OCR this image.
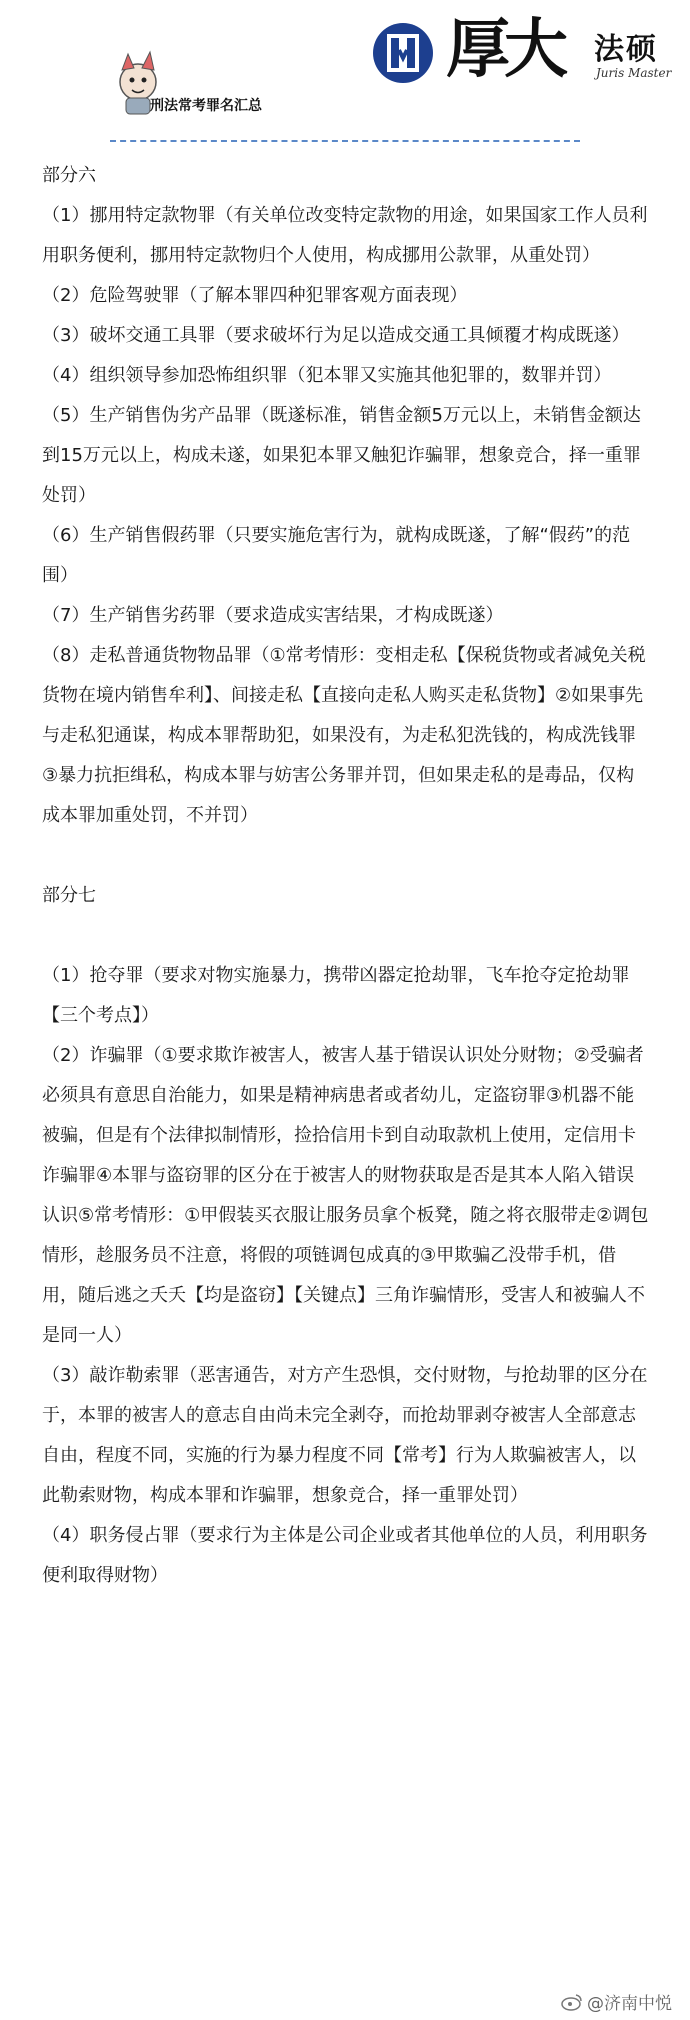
刑法常考罪名汇总
厚大 法硕
Juris Master
部分六

（1）挪用特定款物罪（有关单位改变特定款物的用途，如果国家工作人员利用职务便利，挪用特定款物归个人使用，构成挪用公款罪，从重处罚）

（2）危险驾驶罪（了解本罪四种犯罪客观方面表现）

（3）破坏交通工具罪（要求破坏行为足以造成交通工具倾覆才构成既遂）

（4）组织领导参加恐怖组织罪（犯本罪又实施其他犯罪的，数罪并罚）

（5）生产销售伪劣产品罪（既遂标准，销售金额5万元以上，未销售金额达到15万元以上，构成未遂，如果犯本罪又触犯诈骗罪，想象竞合，择一重罪处罚）

（6）生产销售假药罪（只要实施危害行为，就构成既遂，了解“假药”的范围）

（7）生产销售劣药罪（要求造成实害结果，才构成既遂）

（8）走私普通货物物品罪（①常考情形：变相走私【保税货物或者减免关税货物在境内销售牟利】、间接走私【直接向走私人购买走私货物】②如果事先与走私犯通谋，构成本罪帮助犯，如果没有，为走私犯洗钱的，构成洗钱罪③暴力抗拒缉私，构成本罪与妨害公务罪并罚，但如果走私的是毒品，仅构成本罪加重处罚，不并罚）

部分七

（1）抢夺罪（要求对物实施暴力，携带凶器定抢劫罪，飞车抢夺定抢劫罪【三个考点】）

（2）诈骗罪（①要求欺诈被害人，被害人基于错误认识处分财物；②受骗者必须具有意思自治能力，如果是精神病患者或者幼儿，定盗窃罪③机器不能被骗，但是有个法律拟制情形，捡拾信用卡到自动取款机上使用，定信用卡诈骗罪④本罪与盗窃罪的区分在于被害人的财物获取是否是其本人陷入错误认识⑤常考情形：①甲假装买衣服让服务员拿个板凳，随之将衣服带走②调包情形，趁服务员不注意，将假的项链调包成真的③甲欺骗乙没带手机，借用，随后逃之夭夭【均是盗窃】【关键点】三角诈骗情形，受害人和被骗人不是同一人）

（3）敲诈勒索罪（恶害通告，对方产生恐惧，交付财物，与抢劫罪的区分在于，本罪的被害人的意志自由尚未完全剥夺，而抢劫罪剥夺被害人全部意志自由，程度不同，实施的行为暴力程度不同【常考】行为人欺骗被害人，以此勒索财物，构成本罪和诈骗罪，想象竞合，择一重罪处罚）

（4）职务侵占罪（要求行为主体是公司企业或者其他单位的人员，利用职务便利取得财物）

@济南中悦
